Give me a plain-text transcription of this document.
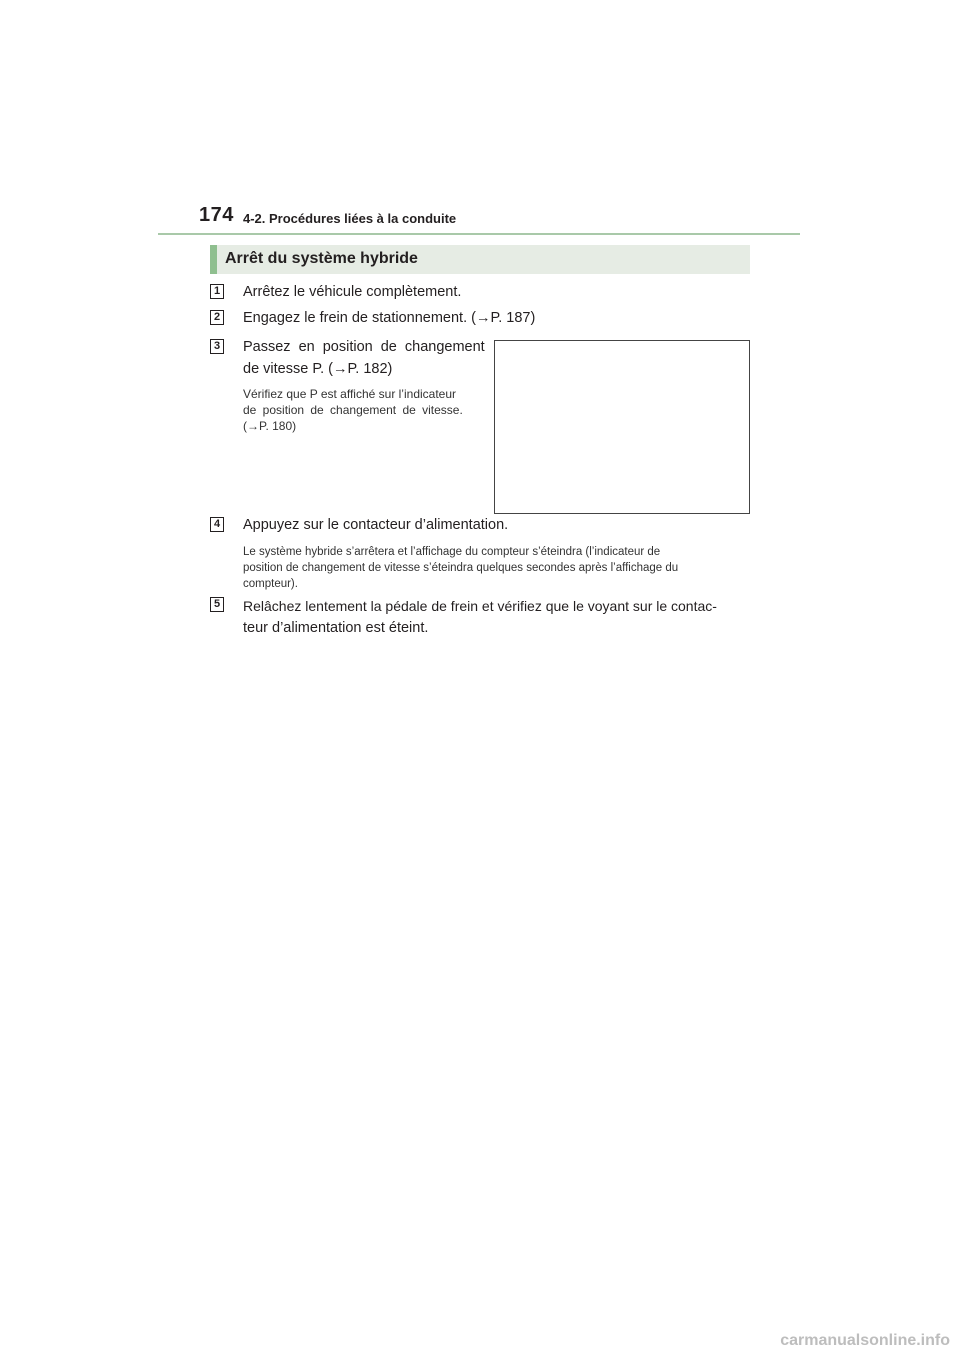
174 4-2. Procédures liées à la conduite
Arrêt du système hybride
1 Arrêtez le véhicule complètement.
2 Engagez le frein de stationnement. (→P. 187)
3 Passez en position de changement
de vitesse P. (→P. 182)
Vérifiez que P est affiché sur l’indicateur
de position de changement de vitesse.
(→P. 180)
4 Appuyez sur le contacteur d’alimentation.
Le système hybride s’arrêtera et l’affichage du compteur s’éteindra (l’indicateur de
position de changement de vitesse s’éteindra quelques secondes après l’affichage du
compteur).
5 Relâchez lentement la pédale de frein et vérifiez que le voyant sur le contac-
teur d’alimentation est éteint.
carmanualsonline.info
